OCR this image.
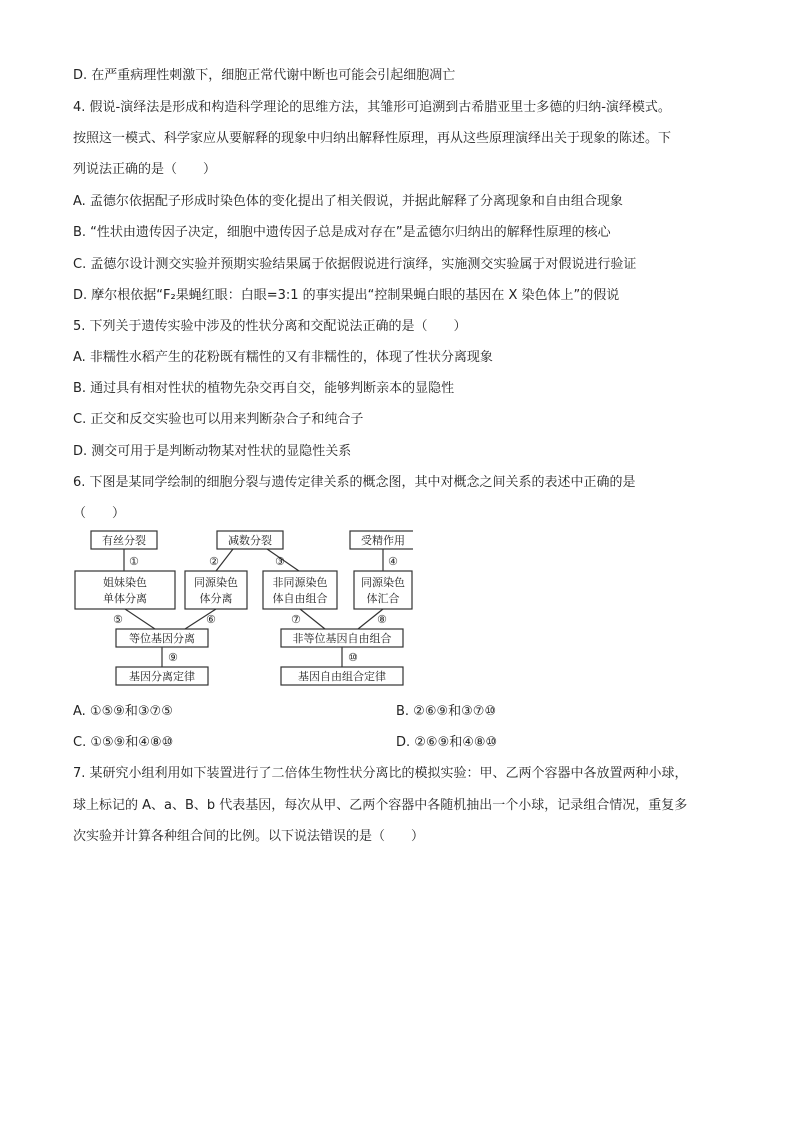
D. 在严重病理性刺激下，细胞正常代谢中断也可能会引起细胞凋亡
4. 假说-演绎法是形成和构造科学理论的思维方法，其雏形可追溯到古希腊亚里士多德的归纳-演绎模式。
按照这一模式、科学家应从要解释的现象中归纳出解释性原理，再从这些原理演绎出关于现象的陈述。下
列说法正确的是（　　）
A. 孟德尔依据配子形成时染色体的变化提出了相关假说，并据此解释了分离现象和自由组合现象
B. “性状由遗传因子决定，细胞中遗传因子总是成对存在”是孟德尔归纳出的解释性原理的核心
C. 孟德尔设计测交实验并预期实验结果属于依据假说进行演绎，实施测交实验属于对假说进行验证
D. 摩尔根依据“F₂果蝇红眼：白眼=3:1 的事实提出“控制果蝇白眼的基因在 X 染色体上”的假说
5. 下列关于遗传实验中涉及的性状分离和交配说法正确的是（　　）
A. 非糯性水稻产生的花粉既有糯性的又有非糯性的，体现了性状分离现象
B. 通过具有相对性状的植物先杂交再自交，能够判断亲本的显隐性
C. 正交和反交实验也可以用来判断杂合子和纯合子
D. 测交可用于是判断动物某对性状的显隐性关系
6. 下图是某同学绘制的细胞分裂与遗传定律关系的概念图，其中对概念之间关系的表述中正确的是
（　　）
有丝分裂	减数分裂	受精作用
①	②	③	④
姐妹染色
单体分离
同源染色
体分离
非同源染色
体自由组合
同源染色
体汇合
⑤	⑥	⑦	⑧
等位基因分离	非等位基因自由组合
⑨	⑩
基因分离定律	基因自由组合定律
A. ①⑤⑨和③⑦⑤	B. ②⑥⑨和③⑦⑩
C. ①⑤⑨和④⑧⑩	D. ②⑥⑨和④⑧⑩
7. 某研究小组利用如下装置进行了二倍体生物性状分离比的模拟实验：甲、乙两个容器中各放置两种小球，
球上标记的 A、a、B、b 代表基因，每次从甲、乙两个容器中各随机抽出一个小球，记录组合情况，重复多
次实验并计算各种组合间的比例。以下说法错误的是（　　）
